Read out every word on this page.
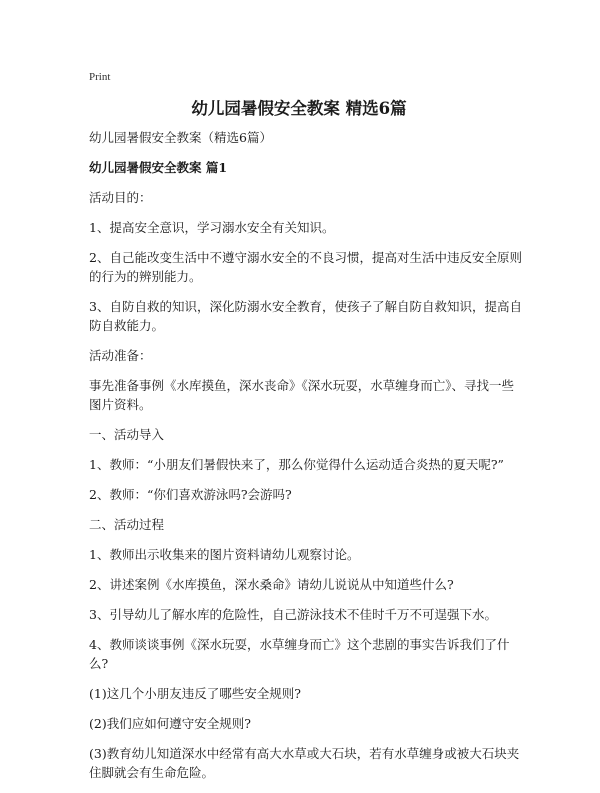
Print
幼儿园暑假安全教案 精选6篇

幼儿园暑假安全教案（精选6篇）

幼儿园暑假安全教案 篇1

活动目的：

1、提高安全意识，学习溺水安全有关知识。

2、自己能改变生活中不遵守溺水安全的不良习惯，提高对生活中违反安全原则的行为的辨别能力。

3、自防自救的知识，深化防溺水安全教育，使孩子了解自防自救知识，提高自防自救能力。

活动准备：

事先准备事例《水库摸鱼，深水丧命》《深水玩耍，水草缠身而亡》、寻找一些图片资料。

一、活动导入

1、教师：“小朋友们暑假快来了，那么你觉得什么运动适合炎热的夏天呢?”

2、教师：“你们喜欢游泳吗?会游吗?

二、活动过程

1、教师出示收集来的图片资料请幼儿观察讨论。

2、讲述案例《水库摸鱼，深水桑命》请幼儿说说从中知道些什么?

3、引导幼儿了解水库的危险性，自己游泳技术不佳时千万不可逞强下水。

4、教师谈谈事例《深水玩耍，水草缠身而亡》这个悲剧的事实告诉我们了什么?

(1)这几个小朋友违反了哪些安全规则?

(2)我们应如何遵守安全规则?

(3)教育幼儿知道深水中经常有高大水草或大石块，若有水草缠身或被大石块夹住脚就会有生命危险。
